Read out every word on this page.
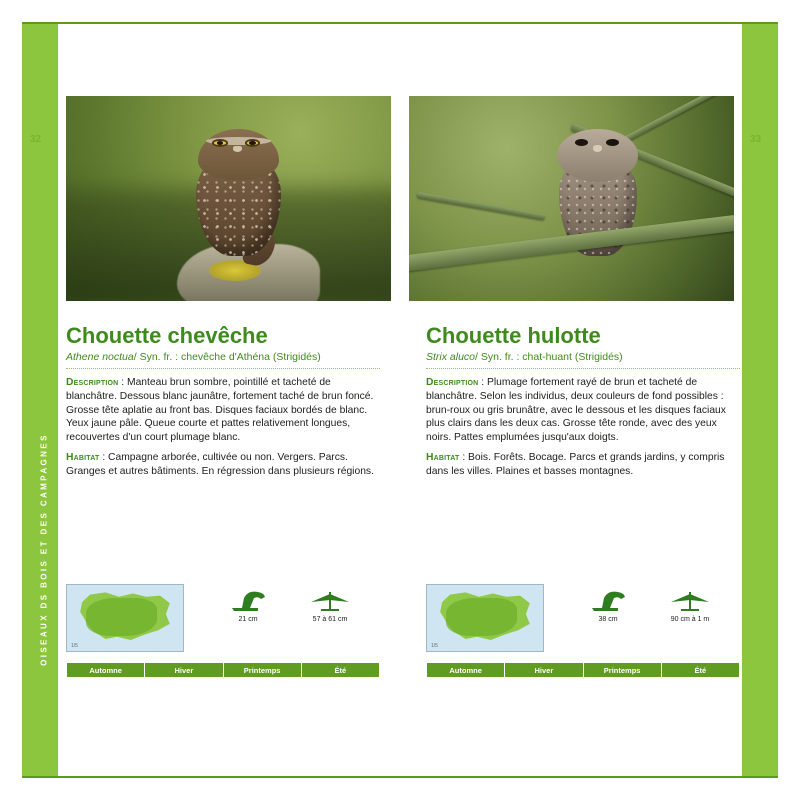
OISEAUX DS BOIS ET DES CAMPAGNES	OISEAUX DS BOIS ET DES CAMPAGNES
32	33
Chouette chevêche
Athene noctua/ Syn. fr. : chevêche d'Athéna (Strigidés)

Description : Manteau brun sombre, pointillé et tacheté de blanchâtre. Dessous blanc jaunâtre, fortement taché de brun foncé. Grosse tête aplatie au front bas. Disques faciaux bordés de blanc. Yeux jaune pâle. Queue courte et pattes relativement longues, recouvertes d'un court plumage blanc.

Habitat : Campagne arborée, cultivée ou non. Vergers. Parcs. Granges et autres bâtiments. En régression dans plusieurs régions.

Chouette hulotte
Strix aluco/ Syn. fr. : chat-huant (Strigidés)

Description : Plumage fortement rayé de brun et tacheté de blanchâtre. Selon les individus, deux couleurs de fond possibles : brun-roux ou gris brunâtre, avec le dessous et les disques faciaux plus clairs dans les deux cas. Grosse tête ronde, avec des yeux noirs. Pattes emplumées jusqu'aux doigts.

Habitat : Bois. Forêts. Bocage. Parcs et grands jardins, y compris dans les villes. Plaines et basses montagnes.

1/5
21 cm	57 à 61 cm
Automne	Hiver	Printemps	Été
1/5
38 cm	90 cm à 1 m
Automne	Hiver	Printemps	Été
